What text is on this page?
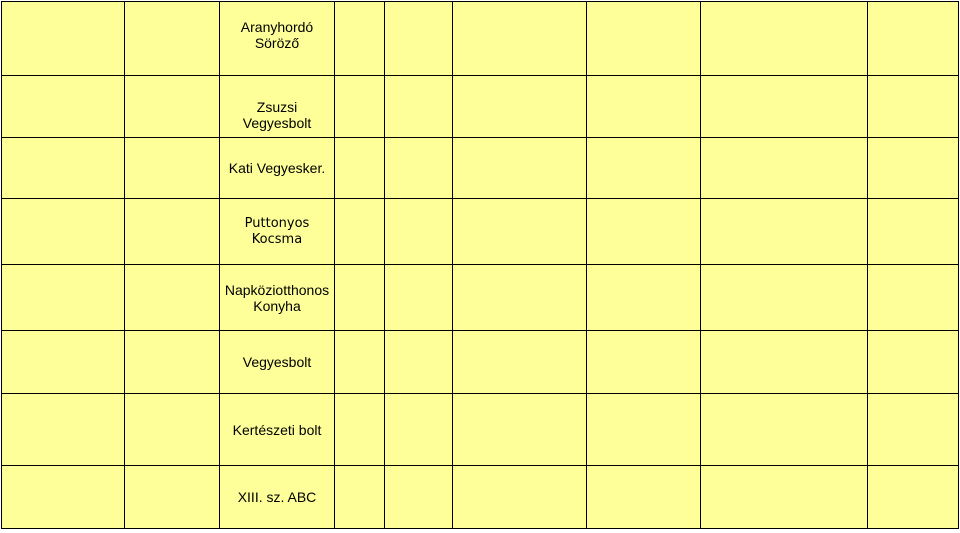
		Aranyhordó
Söröző						
		Zsuzsi
Vegyesbolt						
		Kati Vegyesker.						
		Puttonyos
Kocsma						
		Napköziotthonos
Konyha						
		Vegyesbolt						
		Kertészeti bolt						
		XIII. sz. ABC						
